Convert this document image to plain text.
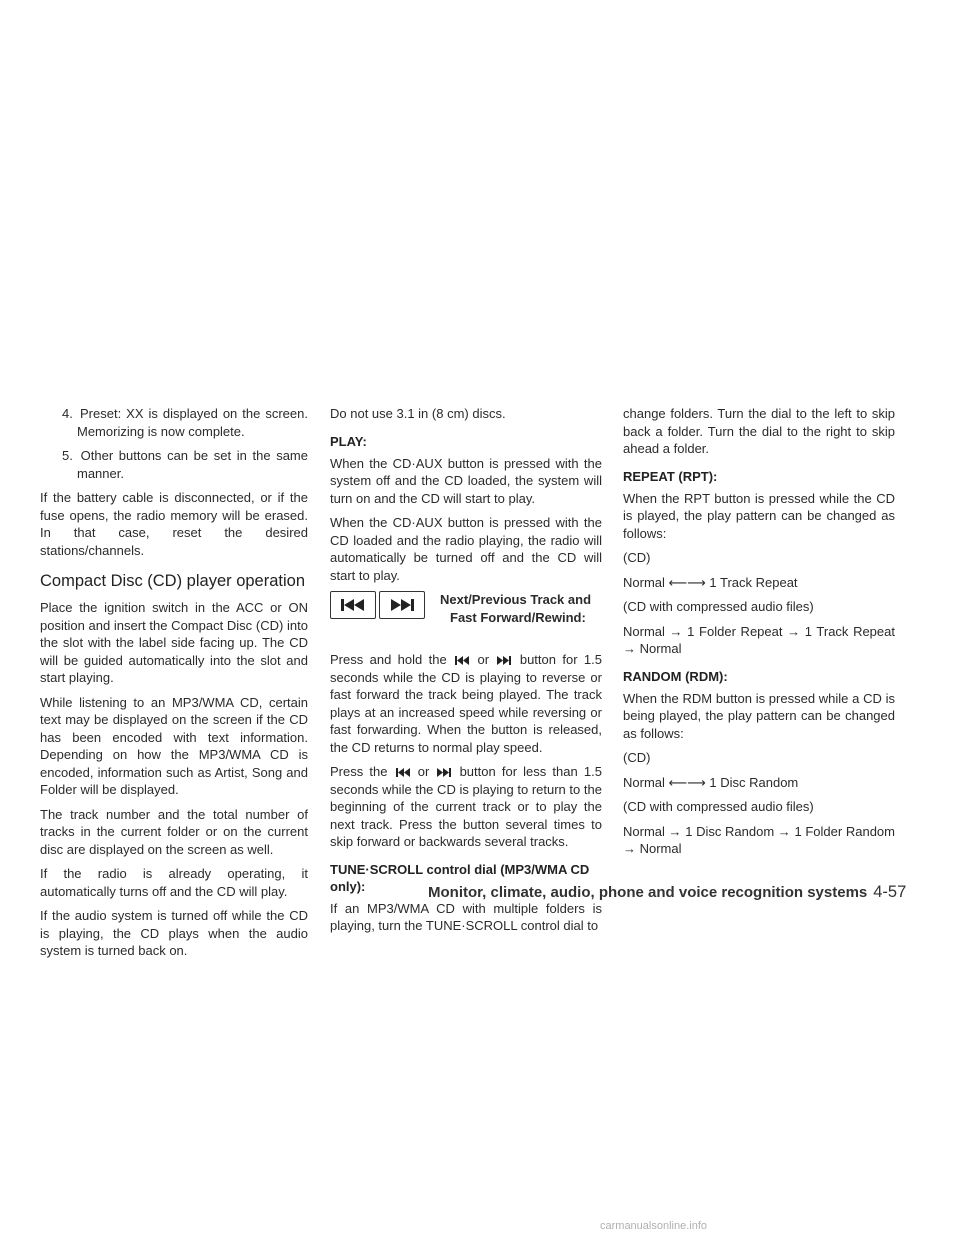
4. Preset: XX is displayed on the screen. Memorizing is now complete.
5. Other buttons can be set in the same manner.

If the battery cable is disconnected, or if the fuse opens, the radio memory will be erased. In that case, reset the desired stations/channels.

Compact Disc (CD) player operation

Place the ignition switch in the ACC or ON position and insert the Compact Disc (CD) into the slot with the label side facing up. The CD will be guided automatically into the slot and start playing.

While listening to an MP3/WMA CD, certain text may be displayed on the screen if the CD has been encoded with text information. Depending on how the MP3/WMA CD is encoded, information such as Artist, Song and Folder will be displayed.

The track number and the total number of tracks in the current folder or on the current disc are displayed on the screen as well.

If the radio is already operating, it automatically turns off and the CD will play.

If the audio system is turned off while the CD is playing, the CD plays when the audio system is turned back on.

Do not use 3.1 in (8 cm) discs.

PLAY:

When the CD·AUX button is pressed with the system off and the CD loaded, the system will turn on and the CD will start to play.

When the CD·AUX button is pressed with the CD loaded and the radio playing, the radio will automatically be turned off and the CD will start to play.

Next/Previous Track and
Fast Forward/Rewind:

Press and hold the or button for 1.5 seconds while the CD is playing to reverse or fast forward the track being played. The track plays at an increased speed while reversing or fast forwarding. When the button is released, the CD returns to normal play speed.

Press the or button for less than 1.5 seconds while the CD is playing to return to the beginning of the current track or to play the next track. Press the button several times to skip forward or backwards several tracks.

TUNE·SCROLL control dial (MP3/WMA CD only):

If an MP3/WMA CD with multiple folders is playing, turn the TUNE·SCROLL control dial to

change folders. Turn the dial to the left to skip back a folder. Turn the dial to the right to skip ahead a folder.

REPEAT (RPT):

When the RPT button is pressed while the CD is played, the play pattern can be changed as follows:

(CD)

Normal ⟵⟶ 1 Track Repeat

(CD with compressed audio files)

Normal → 1 Folder Repeat → 1 Track Repeat → Normal

RANDOM (RDM):

When the RDM button is pressed while a CD is being played, the play pattern can be changed as follows:

(CD)

Normal ⟵⟶ 1 Disc Random

(CD with compressed audio files)

Normal → 1 Disc Random → 1 Folder Random → Normal

Monitor, climate, audio, phone and voice recognition systems 4-57
carmanualsonline.info
